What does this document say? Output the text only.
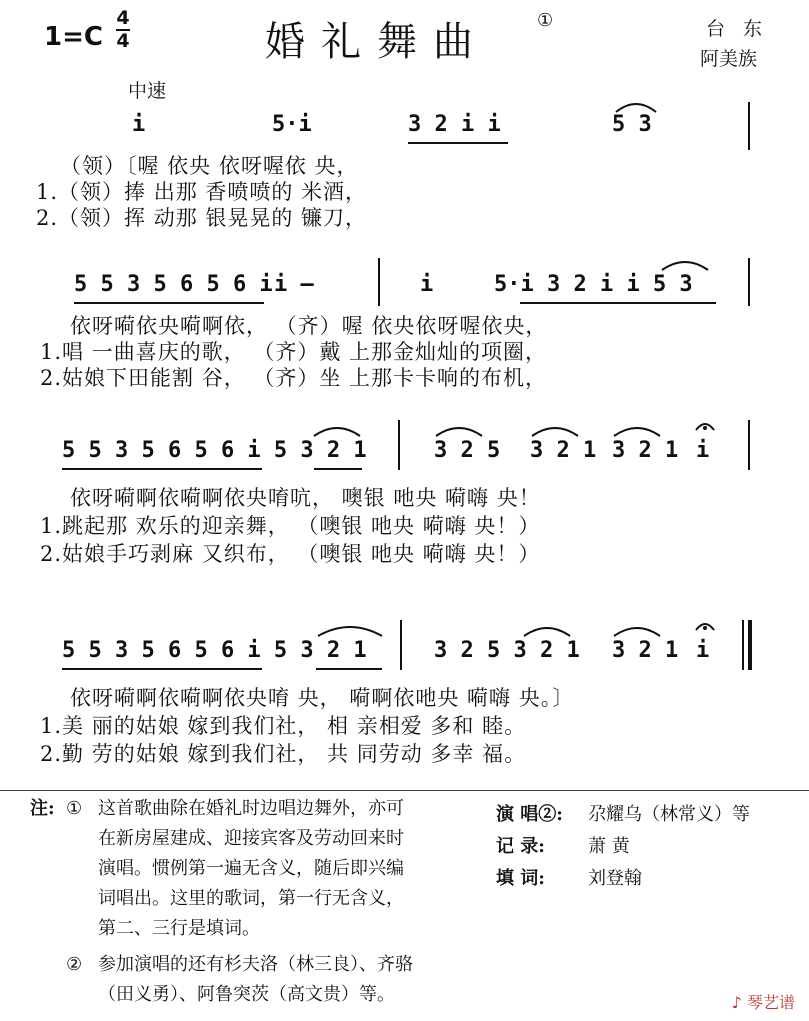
1=C
4
4	婚礼舞曲	①	台东
阿美族
中速
i	5·i	3 2 i i	5 3
（领）〔喔 依央 依呀喔依 央，
1.（领）捧 出那 香喷喷的 米酒，
2.（领）挥 动那 银晃晃的 镰刀，
5 5 3 5 6 5 6 i i –	i	5·i 3 2 i i 5 3
依呀嗬依央嗬啊依， （齐）喔 依央依呀喔依央，
1.唱 一曲喜庆的歌， （齐）戴 上那金灿灿的项圈，
2.姑娘下田能割 谷， （齐）坐 上那卡卡响的布机，
5 5 3 5 6 5 6 i 5 3 2 1	3 2 5 3 2 1 3 2 1 i
依呀嗬啊依嗬啊依央唷吭， 噢银 吔央 嗬嗨 央！
1.跳起那 欢乐的迎亲舞， （噢银 吔央 嗬嗨 央！）
2.姑娘手巧剥麻 又织布， （噢银 吔央 嗬嗨 央！）
5 5 3 5 6 5 6 i 5 3 2 1	3 2 5 3 2 1 3 2 1 i
依呀嗬啊依嗬啊依央唷 央， 嗬啊依吔央 嗬嗨 央。〕
1.美 丽的姑娘 嫁到我们社， 相 亲相爱 多和 睦。
2.勤 劳的姑娘 嫁到我们社， 共 同劳动 多幸 福。
注: ① 这首歌曲除在婚礼时边唱边舞外，亦可
在新房屋建成、迎接宾客及劳动回来时
演唱。惯例第一遍无含义，随后即兴编
词唱出。这里的歌词，第一行无含义，
第二、三行是填词。
② 参加演唱的还有杉夫洛（林三良）、齐骆
（田义勇）、阿鲁突茨（高文贵）等。
演 唱②: 尕耀乌（林常义）等
记 录: 萧 黄
填 词: 刘登翰
♪ 琴艺谱
